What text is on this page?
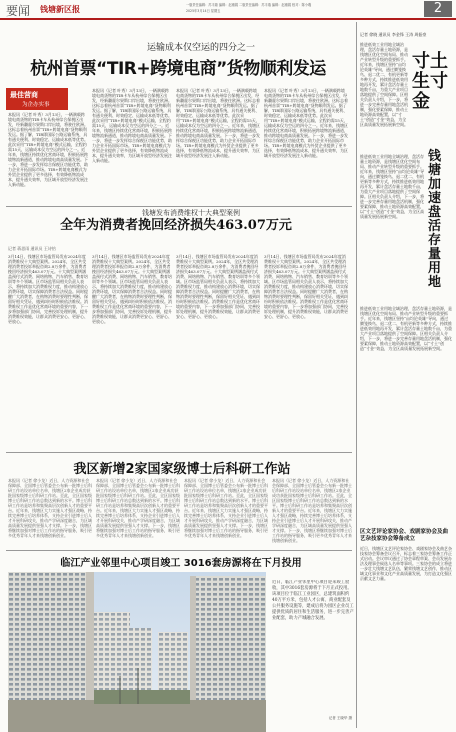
要闻 钱塘新区报	一版责任编辑：苏丰瑞 编辑：赵湘娟 二版责任编辑：苏丰瑞 编辑：赵湘娟 校对：陈小瑕
2025年3月14日 星期五	2
运输成本仅空运的四分之一
杭州首票“TIR+跨境电商”货物顺利发运
最佳营商
为企办实事
本报讯（记者 叶秀）3月13日，一辆满载跨境电商货物的TIR卡车从杭州综合保税区出发，经新疆霍尔果斯口岸出境，将驶往欧洲。这标志着杭州首票“TIR+跨境电商”货物顺利发运。据了解，TIR即国际公路运输系统，具有通关便利、时效稳定、运输成本低等优势。此次采用“TIR+跨境电商”模式运输，全程约需15天，运输成本仅为空运的四分之一。近年来，钱塘区持续优化营商环境，积极拓展跨境物流新通道，推动跨境电商高质量发展。下一步，将进一步发挥综合保税区功能优势，助力企业开拓国际市场。TIR+跨境电商模式为外贸企业提供了更多选择，有效降低物流成本，提升通关效率，为区域开放型经济发展注入新动能。
本报讯（记者 叶秀）3月13日，一辆满载跨境电商货物的TIR卡车从杭州综合保税区出发，经新疆霍尔果斯口岸出境，将驶往欧洲。这标志着杭州首票“TIR+跨境电商”货物顺利发运。据了解，TIR即国际公路运输系统，具有通关便利、时效稳定、运输成本低等优势。此次采用“TIR+跨境电商”模式运输，全程约需15天，运输成本仅为空运的四分之一。近年来，钱塘区持续优化营商环境，积极拓展跨境物流新通道，推动跨境电商高质量发展。下一步，将进一步发挥综合保税区功能优势，助力企业开拓国际市场。TIR+跨境电商模式为外贸企业提供了更多选择，有效降低物流成本，提升通关效率，为区域开放型经济发展注入新动能。
本报讯（记者 叶秀）3月13日，一辆满载跨境电商货物的TIR卡车从杭州综合保税区出发，经新疆霍尔果斯口岸出境，将驶往欧洲。这标志着杭州首票“TIR+跨境电商”货物顺利发运。据了解，TIR即国际公路运输系统，具有通关便利、时效稳定、运输成本低等优势。此次采用“TIR+跨境电商”模式运输，全程约需15天，运输成本仅为空运的四分之一。近年来，钱塘区持续优化营商环境，积极拓展跨境物流新通道，推动跨境电商高质量发展。下一步，将进一步发挥综合保税区功能优势，助力企业开拓国际市场。TIR+跨境电商模式为外贸企业提供了更多选择，有效降低物流成本，提升通关效率，为区域开放型经济发展注入新动能。
本报讯（记者 叶秀）3月13日，一辆满载跨境电商货物的TIR卡车从杭州综合保税区出发，经新疆霍尔果斯口岸出境，将驶往欧洲。这标志着杭州首票“TIR+跨境电商”货物顺利发运。据了解，TIR即国际公路运输系统，具有通关便利、时效稳定、运输成本低等优势。此次采用“TIR+跨境电商”模式运输，全程约需15天，运输成本仅为空运的四分之一。近年来，钱塘区持续优化营商环境，积极拓展跨境物流新通道，推动跨境电商高质量发展。下一步，将进一步发挥综合保税区功能优势，助力企业开拓国际市场。TIR+跨境电商模式为外贸企业提供了更多选择，有效降低物流成本，提升通关效率，为区域开放型经济发展注入新动能。
钱塘发布消费维权十大典型案例
全年为消费者挽回经济损失463.07万元
记者 蒋思雨 通讯员 王诗怡
3月14日，钱塘区市场监管局发布2024年度消费维权十大典型案例。2024年，全区共受理消费者投诉举报咨询2.8万余件，为消费者挽回经济损失463.07万元。十大典型案例涵盖预付式消费、网络购物、汽车销售、教育培训等多个领域。区市场监管局相关负责人表示，将持续加大消费维权力度，推动构建放心消费环境，切实保障消费者合法权益。同时提醒广大消费者，在购物消费时要理性判断，保留好相关凭证，遇到纠纷时积极依法维权。消费维权工作是优化营商环境的重要内容，下一步将加强部门协同，完善投诉处理机制，提升消费维权效能，让群众消费更安心、更舒心、更放心。
3月14日，钱塘区市场监管局发布2024年度消费维权十大典型案例。2024年，全区共受理消费者投诉举报咨询2.8万余件，为消费者挽回经济损失463.07万元。十大典型案例涵盖预付式消费、网络购物、汽车销售、教育培训等多个领域。区市场监管局相关负责人表示，将持续加大消费维权力度，推动构建放心消费环境，切实保障消费者合法权益。同时提醒广大消费者，在购物消费时要理性判断，保留好相关凭证，遇到纠纷时积极依法维权。消费维权工作是优化营商环境的重要内容，下一步将加强部门协同，完善投诉处理机制，提升消费维权效能，让群众消费更安心、更舒心、更放心。
3月14日，钱塘区市场监管局发布2024年度消费维权十大典型案例。2024年，全区共受理消费者投诉举报咨询2.8万余件，为消费者挽回经济损失463.07万元。十大典型案例涵盖预付式消费、网络购物、汽车销售、教育培训等多个领域。区市场监管局相关负责人表示，将持续加大消费维权力度，推动构建放心消费环境，切实保障消费者合法权益。同时提醒广大消费者，在购物消费时要理性判断，保留好相关凭证，遇到纠纷时积极依法维权。消费维权工作是优化营商环境的重要内容，下一步将加强部门协同，完善投诉处理机制，提升消费维权效能，让群众消费更安心、更舒心、更放心。
3月14日，钱塘区市场监管局发布2024年度消费维权十大典型案例。2024年，全区共受理消费者投诉举报咨询2.8万余件，为消费者挽回经济损失463.07万元。十大典型案例涵盖预付式消费、网络购物、汽车销售、教育培训等多个领域。区市场监管局相关负责人表示，将持续加大消费维权力度，推动构建放心消费环境，切实保障消费者合法权益。同时提醒广大消费者，在购物消费时要理性判断，保留好相关凭证，遇到纠纷时积极依法维权。消费维权工作是优化营商环境的重要内容，下一步将加强部门协同，完善投诉处理机制，提升消费维权效能，让群众消费更安心、更舒心、更放心。
我区新增2家国家级博士后科研工作站
本报讯（记者 徐小龙）近日，人力资源和社会保障部、全国博士后管委会公布新一批博士后科研工作站设站单位名单，钱塘区2家企业成功获批国家级博士后科研工作站。至此，全区国家级博士后科研工作站总数达到新的水平。博士后科研工作站是培养和集聚高层次创新人才的重要平台。近年来，钱塘区大力实施人才强区战略，持续完善博士后培养体系，支持企业引进博士后人才开展科研攻关，推动产学研深度融合，为区域高质量发展提供坚强人才支撑。下一步，钱塘区将继续加强对博士后工作站的指导服务，吸引更多优秀青年人才来钱塘创新创业。
本报讯（记者 徐小龙）近日，人力资源和社会保障部、全国博士后管委会公布新一批博士后科研工作站设站单位名单，钱塘区2家企业成功获批国家级博士后科研工作站。至此，全区国家级博士后科研工作站总数达到新的水平。博士后科研工作站是培养和集聚高层次创新人才的重要平台。近年来，钱塘区大力实施人才强区战略，持续完善博士后培养体系，支持企业引进博士后人才开展科研攻关，推动产学研深度融合，为区域高质量发展提供坚强人才支撑。下一步，钱塘区将继续加强对博士后工作站的指导服务，吸引更多优秀青年人才来钱塘创新创业。
本报讯（记者 徐小龙）近日，人力资源和社会保障部、全国博士后管委会公布新一批博士后科研工作站设站单位名单，钱塘区2家企业成功获批国家级博士后科研工作站。至此，全区国家级博士后科研工作站总数达到新的水平。博士后科研工作站是培养和集聚高层次创新人才的重要平台。近年来，钱塘区大力实施人才强区战略，持续完善博士后培养体系，支持企业引进博士后人才开展科研攻关，推动产学研深度融合，为区域高质量发展提供坚强人才支撑。下一步，钱塘区将继续加强对博士后工作站的指导服务，吸引更多优秀青年人才来钱塘创新创业。
本报讯（记者 徐小龙）近日，人力资源和社会保障部、全国博士后管委会公布新一批博士后科研工作站设站单位名单，钱塘区2家企业成功获批国家级博士后科研工作站。至此，全区国家级博士后科研工作站总数达到新的水平。博士后科研工作站是培养和集聚高层次创新人才的重要平台。近年来，钱塘区大力实施人才强区战略，持续完善博士后培养体系，支持企业引进博士后人才开展科研攻关，推动产学研深度融合，为区域高质量发展提供坚强人才支撑。下一步，钱塘区将继续加强对博士后工作站的指导服务，吸引更多优秀青年人才来钱塘创新创业。
临江产业邻里中心项目竣工 3016套房源将在下月投用
近日，临江产业邻里中心项目迎来竣工验收，其中3016套房源将于下月正式投用。该项目位于临江工业园区，总建筑面积约40万平方米，包括人才公寓、商业配套及公共服务设施等，建成后将为园区企业员工提供优质的居住和生活服务，进一步完善产业配套，助力产城融合发展。
记者 王晓华 摄
记者 徐晓 通讯员 李金锋 王涛 周振豪
寸土生寸金
钱塘加速盘活存量用地
推进低效工业用地全域治理，盘活存量土地资源，是钱塘区优化空间布局、推动产业转型升级的重要抓手。近年来，钱塘区坚持“亩均论英雄”导向，通过腾笼换鸟、退二优二、有机更新等多种方式，持续推进低效用地再开发，累计盘活存量土地数千亩，为重大产业项目落地提供了空间保障。区相关负责人介绍，下一步，将进一步完善存量用地盘活机制，强化要素保障，推动土地资源高效配置，以“寸土”创造“寸金”效益，为全区高质量发展拓展新空间。
推进低效工业用地全域治理，盘活存量土地资源，是钱塘区优化空间布局、推动产业转型升级的重要抓手。近年来，钱塘区坚持“亩均论英雄”导向，通过腾笼换鸟、退二优二、有机更新等多种方式，持续推进低效用地再开发，累计盘活存量土地数千亩，为重大产业项目落地提供了空间保障。区相关负责人介绍，下一步，将进一步完善存量用地盘活机制，强化要素保障，推动土地资源高效配置，以“寸土”创造“寸金”效益，为全区高质量发展拓展新空间。
推进低效工业用地全域治理，盘活存量土地资源，是钱塘区优化空间布局、推动产业转型升级的重要抓手。近年来，钱塘区坚持“亩均论英雄”导向，通过腾笼换鸟、退二优二、有机更新等多种方式，持续推进低效用地再开发，累计盘活存量土地数千亩，为重大产业项目落地提供了空间保障。区相关负责人介绍，下一步，将进一步完善存量用地盘活机制，强化要素保障，推动土地资源高效配置，以“寸土”创造“寸金”效益，为全区高质量发展拓展新空间。
区文艺评论家协会、戏剧家协会及曲艺杂技家协会筹备成立
近日，钱塘区文艺评论家协会、戏剧家协会及曲艺杂技家协会筹备会议召开，标志着三家协会筹备工作正式启动。会议审议通过了协会章程草案、会员发展办法及理事会候选人名单等事项。三家协会的成立将进一步壮大钱塘文艺队伍，繁荣钱塘文艺创作，推动区域文化事业和文化产业高质量发展，为打造文化强区贡献文艺力量。
